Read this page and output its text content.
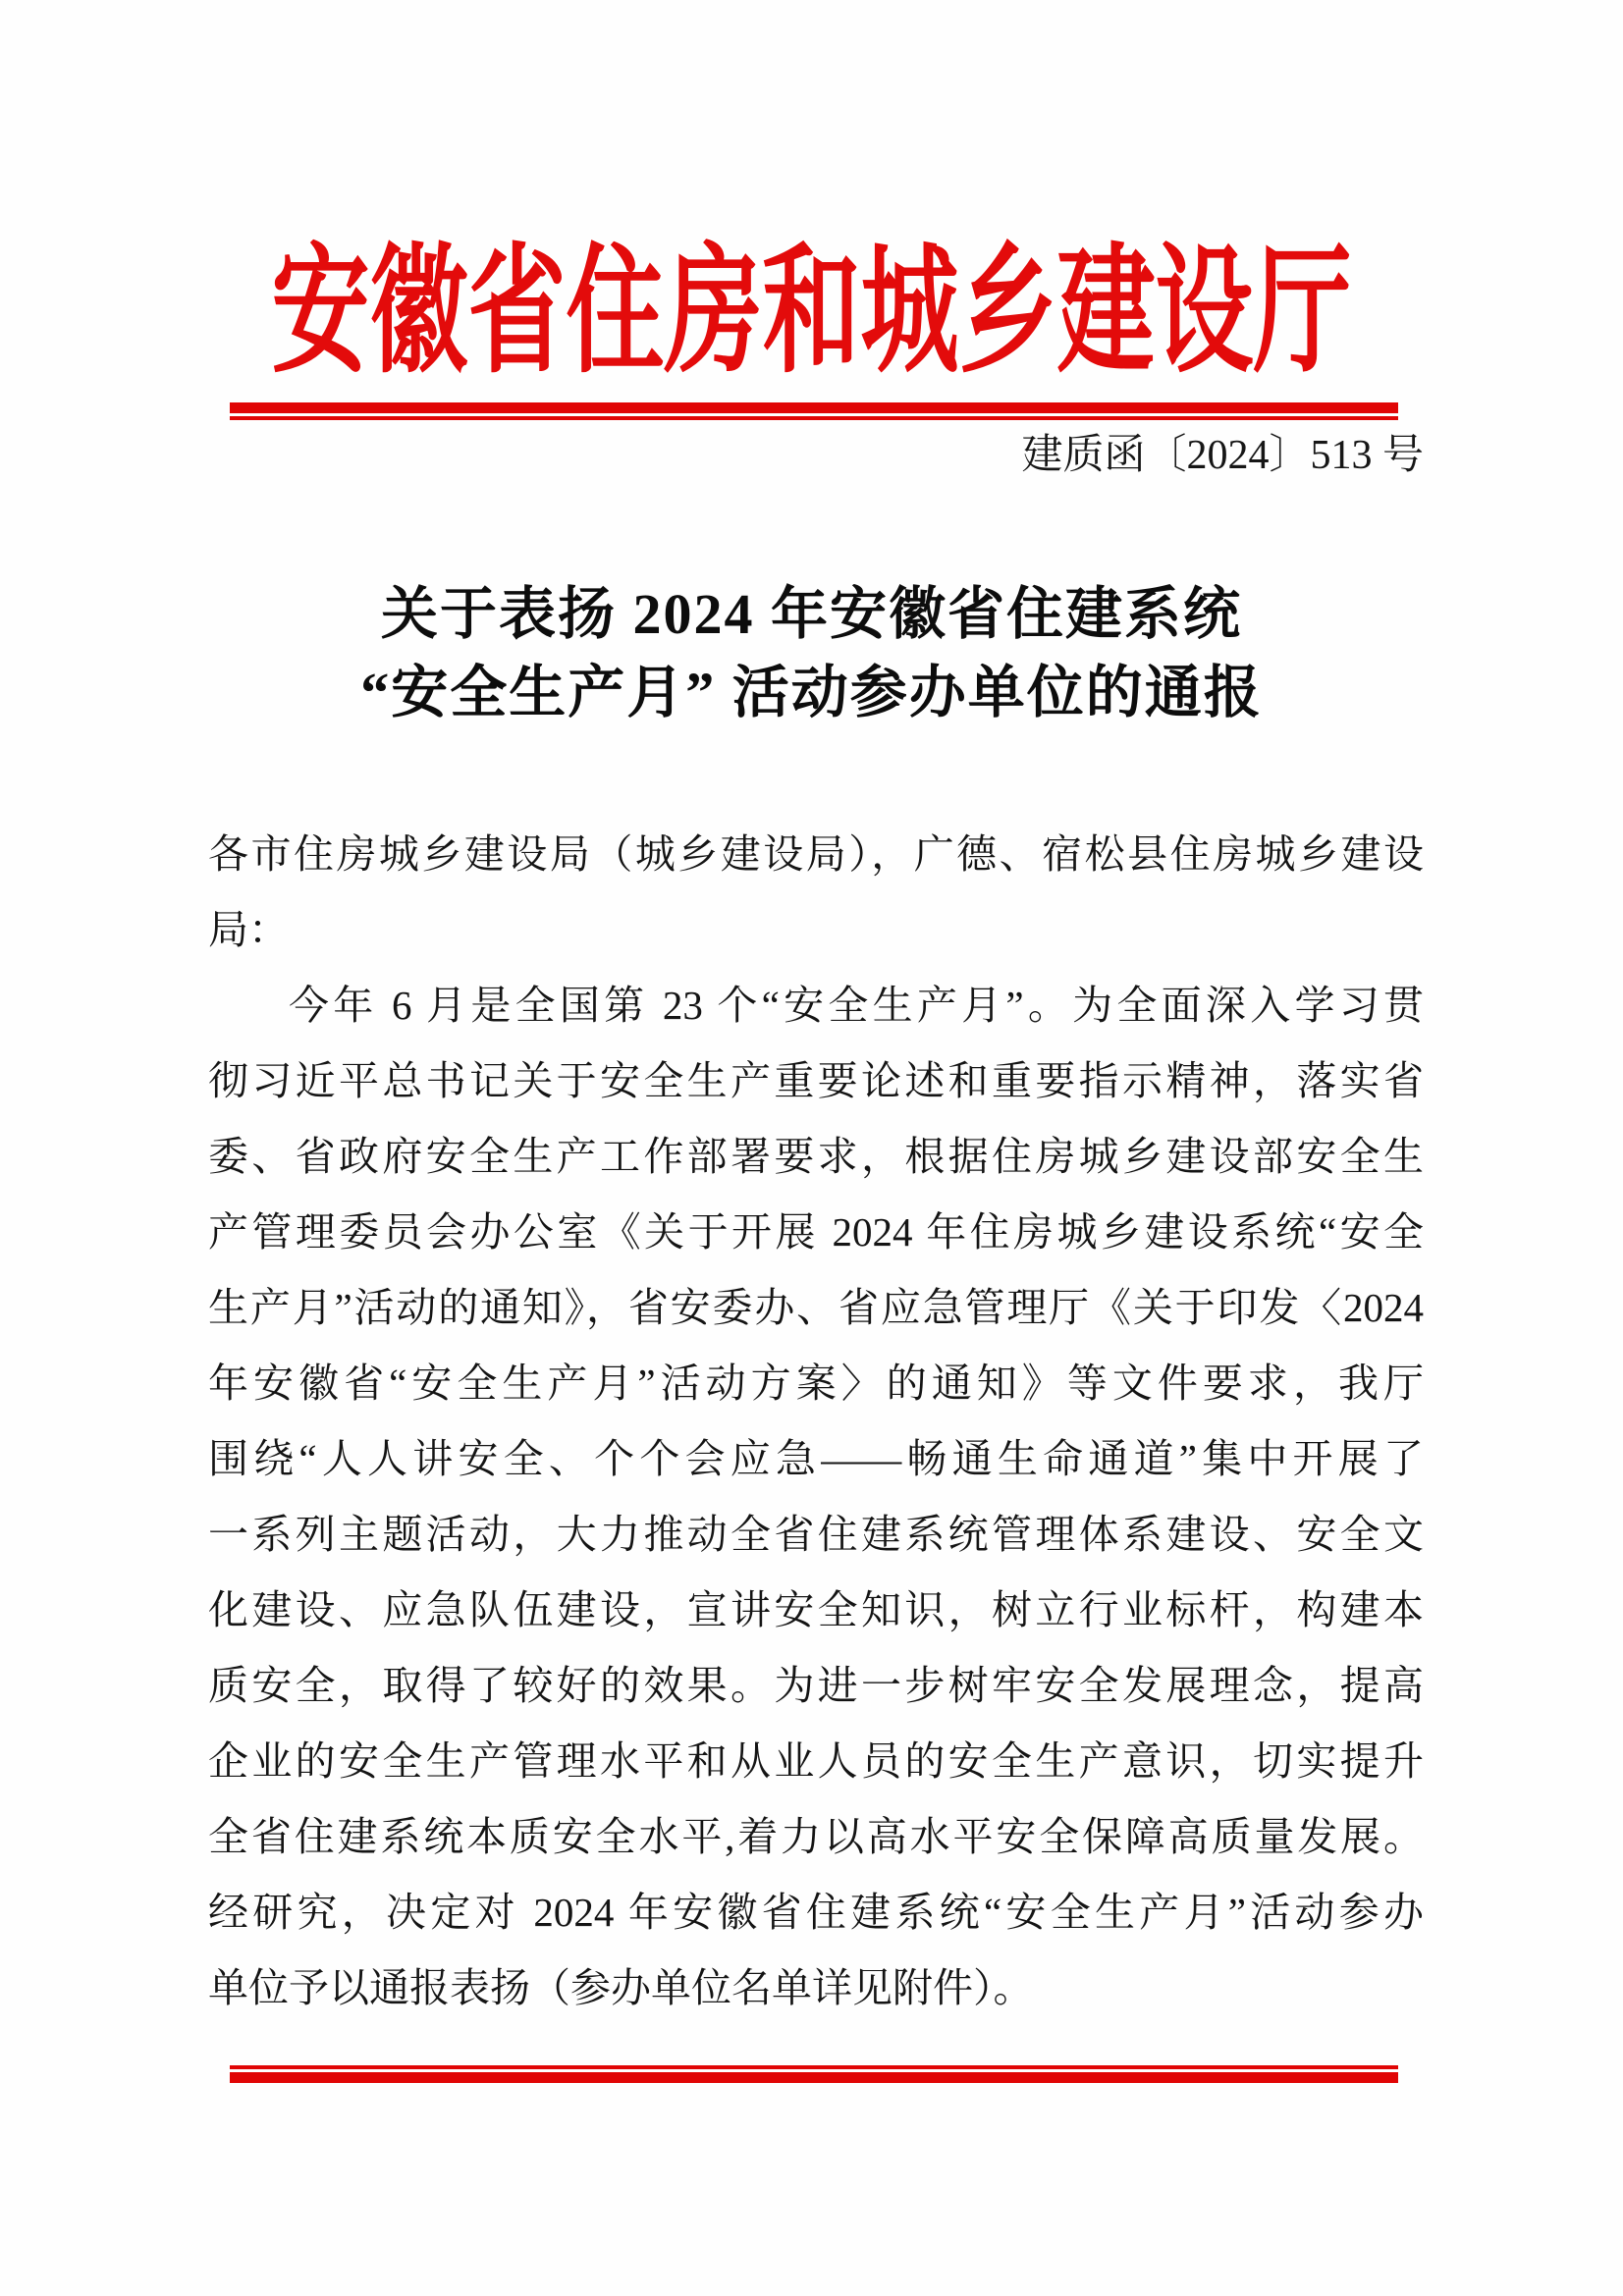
安徽省住房和城乡建设厅
建质函〔2024〕513 号
关于表扬 2024 年安徽省住建系统
“安全生产月” 活动参办单位的通报
各市住房城乡建设局（城乡建设局），广德、宿松县住房城乡建设
局：
今年 6 月是全国第 23 个“安全生产月”。为全面深入学习贯
彻习近平总书记关于安全生产重要论述和重要指示精神，落实省
委、省政府安全生产工作部署要求，根据住房城乡建设部安全生
产管理委员会办公室《关于开展 2024 年住房城乡建设系统“安全
生产月”活动的通知》，省安委办、省应急管理厅《关于印发〈2024
年安徽省“安全生产月”活动方案〉的通知》等文件要求，我厅
围绕“人人讲安全、个个会应急——畅通生命通道”集中开展了
一系列主题活动，大力推动全省住建系统管理体系建设、安全文
化建设、应急队伍建设，宣讲安全知识，树立行业标杆，构建本
质安全，取得了较好的效果。为进一步树牢安全发展理念，提高
企业的安全生产管理水平和从业人员的安全生产意识，切实提升
全省住建系统本质安全水平,着力以高水平安全保障高质量发展。
经研究，决定对 2024 年安徽省住建系统“安全生产月”活动参办
单位予以通报表扬（参办单位名单详见附件）。
